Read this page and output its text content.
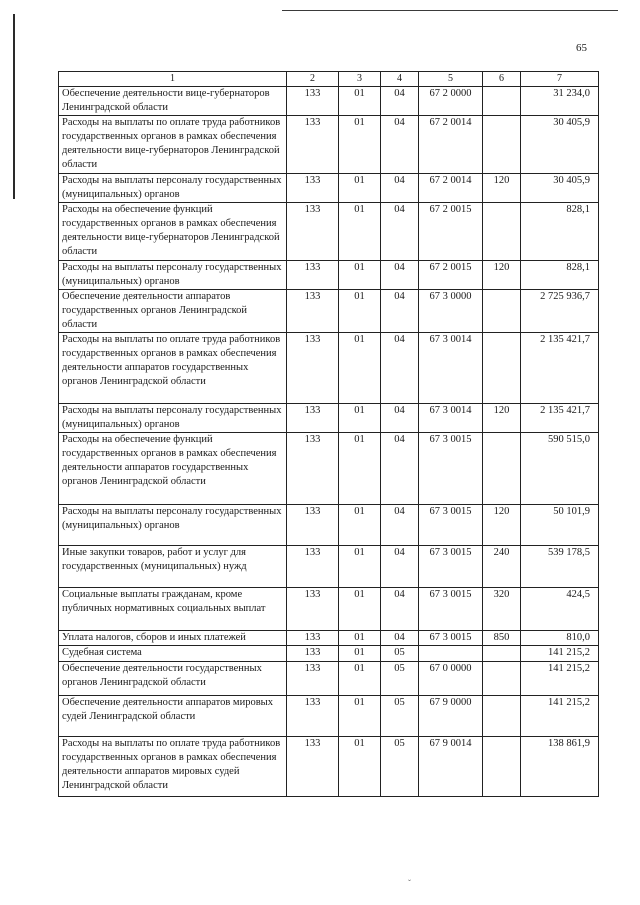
65
1	2	3	4	5	6	7
Обеспечение деятельности вице-губернаторов Ленинградской области	133	01	04	67 2 0000		31 234,0
Расходы на выплаты по оплате труда работников государственных органов в рамках обеспечения деятельности вице-губернаторов Ленинградской области	133	01	04	67 2 0014		30 405,9
Расходы на выплаты персоналу государственных (муниципальных) органов	133	01	04	67 2 0014	120	30 405,9
Расходы на обеспечение функций государственных органов в рамках обеспечения деятельности вице-губернаторов Ленинградской области	133	01	04	67 2 0015		828,1
Расходы на выплаты персоналу государственных (муниципальных) органов	133	01	04	67 2 0015	120	828,1
Обеспечение деятельности аппаратов государственных органов Ленинградской области	133	01	04	67 3 0000		2 725 936,7
Расходы на выплаты по оплате труда работников государственных органов в рамках обеспечения деятельности аппаратов государственных органов Ленинградской области	133	01	04	67 3 0014		2 135 421,7
Расходы на выплаты персоналу государственных (муниципальных) органов	133	01	04	67 3 0014	120	2 135 421,7
Расходы на обеспечение функций государственных органов в рамках обеспечения деятельности аппаратов государственных органов Ленинградской области	133	01	04	67 3 0015		590 515,0
Расходы на выплаты персоналу государственных (муниципальных) органов	133	01	04	67 3 0015	120	50 101,9
Иные закупки товаров, работ и услуг для государственных (муниципальных) нужд	133	01	04	67 3 0015	240	539 178,5
Социальные выплаты гражданам, кроме публичных нормативных социальных выплат	133	01	04	67 3 0015	320	424,5
Уплата налогов, сборов и иных платежей	133	01	04	67 3 0015	850	810,0
Судебная система	133	01	05			141 215,2
Обеспечение деятельности государственных органов Ленинградской области	133	01	05	67 0 0000		141 215,2
Обеспечение деятельности аппаратов мировых судей Ленинградской области	133	01	05	67 9 0000		141 215,2
Расходы на выплаты по оплате труда работников государственных органов в рамках обеспечения деятельности аппаратов мировых судей Ленинградской области	133	01	05	67 9 0014		138 861,9
ˇ
